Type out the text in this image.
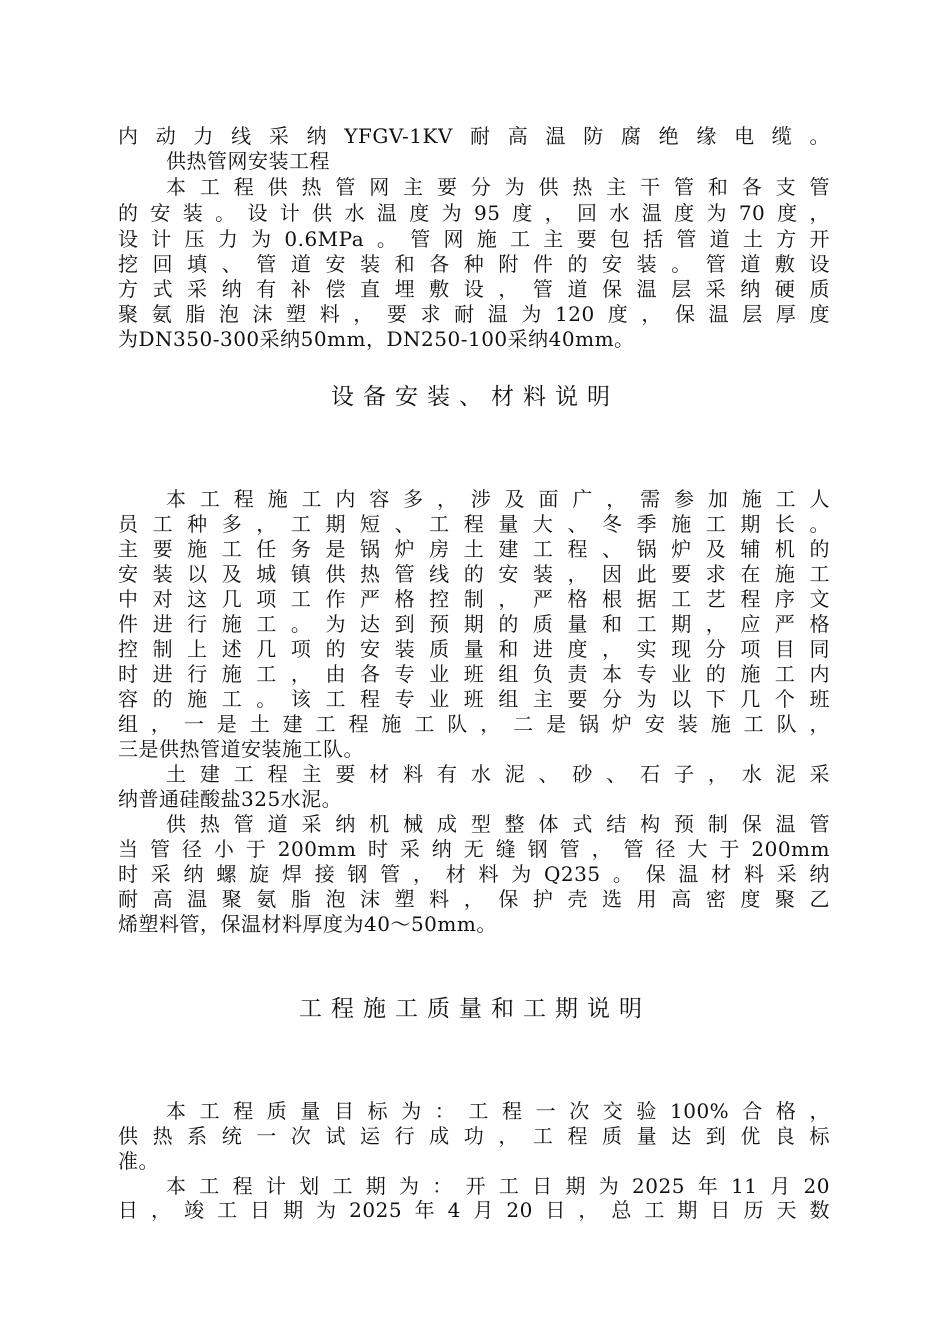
内动力线采纳YFGV-1KV耐高温防腐绝缘电缆。
供热管网安装工程
本工程供热管网主要分为供热主干管和各支管
的安装。设计供水温度为95度，回水温度为70度，
设计压力为0.6MPa。管网施工主要包括管道土方开
挖回填、管道安装和各种附件的安装。管道敷设
方式采纳有补偿直埋敷设，管道保温层采纳硬质
聚氨脂泡沫塑料，要求耐温为120度，保温层厚度
为DN350-300采纳50mm，DN250-100采纳40mm。
设备安装、材料说明
本工程施工内容多，涉及面广，需参加施工人
员工种多，工期短、工程量大、冬季施工期长。
主要施工任务是锅炉房土建工程、锅炉及辅机的
安装以及城镇供热管线的安装，因此要求在施工
中对这几项工作严格控制，严格根据工艺程序文
件进行施工。为达到预期的质量和工期，应严格
控制上述几项的安装质量和进度，实现分项目同
时进行施工，由各专业班组负责本专业的施工内
容的施工。该工程专业班组主要分为以下几个班
组，一是土建工程施工队，二是锅炉安装施工队，
三是供热管道安装施工队。
土建工程主要材料有水泥、砂、石子，水泥采
纳普通硅酸盐325水泥。
供热管道采纳机械成型整体式结构预制保温管
当管径小于200mm时采纳无缝钢管，管径大于200mm
时采纳螺旋焊接钢管，材料为Q235。保温材料采纳
耐高温聚氨脂泡沫塑料，保护壳选用高密度聚乙
烯塑料管，保温材料厚度为40～50mm。
工程施工质量和工期说明
本工程质量目标为：工程一次交验100%合格，
供热系统一次试运行成功，工程质量达到优良标
准。
本工程计划工期为：开工日期为2025年11月20
日，竣工日期为2025年4月20日，总工期日历天数
